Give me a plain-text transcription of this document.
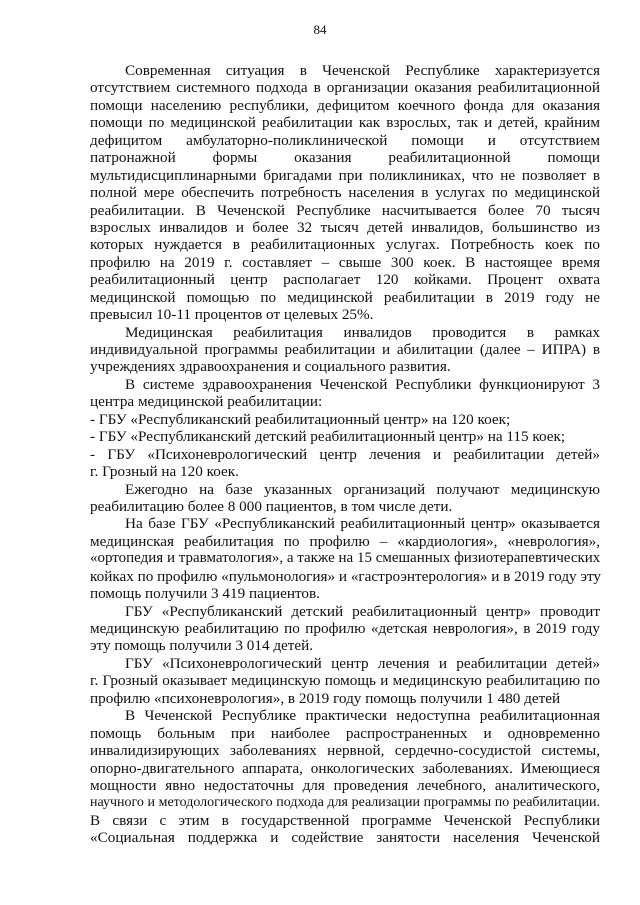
84
Современная ситуация в Чеченской Республике характеризуется
отсутствием системного подхода в организации оказания реабилитационной
помощи населению республики, дефицитом коечного фонда для оказания
помощи по медицинской реабилитации как взрослых, так и детей, крайним
дефицитом амбулаторно-поликлинической помощи и отсутствием
патронажной формы оказания реабилитационной помощи
мультидисциплинарными бригадами при поликлиниках, что не позволяет в
полной мере обеспечить потребность населения в услугах по медицинской
реабилитации. В Чеченской Республике насчитывается более 70 тысяч
взрослых инвалидов и более 32 тысяч детей инвалидов, большинство из
которых нуждается в реабилитационных услугах. Потребность коек по
профилю на 2019 г. составляет – свыше 300 коек. В настоящее время
реабилитационный центр располагает 120 койками. Процент охвата
медицинской помощью по медицинской реабилитации в 2019 году не
превысил 10-11 процентов от целевых 25%.
Медицинская реабилитация инвалидов проводится в рамках
индивидуальной программы реабилитации и абилитации (далее – ИПРА) в
учреждениях здравоохранения и социального развития.
В системе здравоохранения Чеченской Республики функционируют 3
центра медицинской реабилитации:
- ГБУ «Республиканский реабилитационный центр» на 120 коек;
- ГБУ «Республиканский детский реабилитационный центр» на 115 коек;
- ГБУ «Психоневрологический центр лечения и реабилитации детей»
г. Грозный на 120 коек.
Ежегодно на базе указанных организаций получают медицинскую
реабилитацию более 8 000 пациентов, в том числе дети.
На базе ГБУ «Республиканский реабилитационный центр» оказывается
медицинская реабилитация по профилю – «кардиология», «неврология»,
«ортопедия и травматология», а также на 15 смешанных физиотерапевтических
койках по профилю «пульмонология» и «гастроэнтерология» и в 2019 году эту
помощь получили 3 419 пациентов.
ГБУ «Республиканский детский реабилитационный центр» проводит
медицинскую реабилитацию по профилю «детская неврология», в 2019 году
эту помощь получили 3 014 детей.
ГБУ «Психоневрологический центр лечения и реабилитации детей»
г. Грозный оказывает медицинскую помощь и медицинскую реабилитацию по
профилю «психоневрология», в 2019 году помощь получили 1 480 детей
В Чеченской Республике практически недоступна реабилитационная
помощь больным при наиболее распространенных и одновременно
инвалидизирующих заболеваниях нервной, сердечно-сосудистой системы,
опорно-двигательного аппарата, онкологических заболеваниях. Имеющиеся
мощности явно недостаточны для проведения лечебного, аналитического,
научного и методологического подхода для реализации программы по реабилитации.
В связи с этим в государственной программе Чеченской Республики
«Социальная поддержка и содействие занятости населения Чеченской
